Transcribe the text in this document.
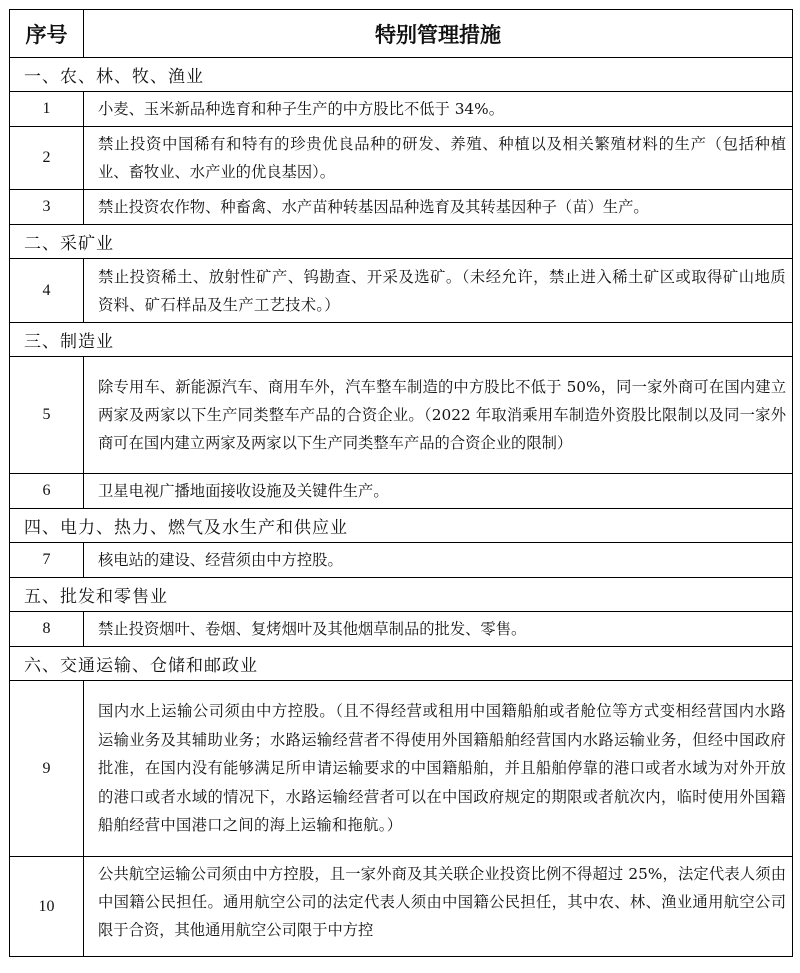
序号	特别管理措施
一、农、林、牧、渔业	
1	小麦、玉米新品种选育和种子生产的中方股比不低于 34%。
2	禁止投资中国稀有和特有的珍贵优良品种的研发、养殖、种植以及相关繁殖材料的生产（包括种植业、畜牧业、水产业的优良基因）。
3	禁止投资农作物、种畜禽、水产苗种转基因品种选育及其转基因种子（苗）生产。
二、采矿业	
4	禁止投资稀土、放射性矿产、钨勘查、开采及选矿。（未经允许，禁止进入稀土矿区或取得矿山地质资料、矿石样品及生产工艺技术。）
三、制造业	
5	除专用车、新能源汽车、商用车外，汽车整车制造的中方股比不低于 50%，同一家外商可在国内建立两家及两家以下生产同类整车产品的合资企业。（2022 年取消乘用车制造外资股比限制以及同一家外商可在国内建立两家及两家以下生产同类整车产品的合资企业的限制）
6	卫星电视广播地面接收设施及关键件生产。
四、电力、热力、燃气及水生产和供应业	
7	核电站的建设、经营须由中方控股。
五、批发和零售业	
8	禁止投资烟叶、卷烟、复烤烟叶及其他烟草制品的批发、零售。
六、交通运输、仓储和邮政业	
9	国内水上运输公司须由中方控股。（且不得经营或租用中国籍船舶或者舱位等方式变相经营国内水路运输业务及其辅助业务；水路运输经营者不得使用外国籍船舶经营国内水路运输业务，但经中国政府批准，在国内没有能够满足所申请运输要求的中国籍船舶，并且船舶停靠的港口或者水域为对外开放的港口或者水域的情况下，水路运输经营者可以在中国政府规定的期限或者航次内，临时使用外国籍船舶经营中国港口之间的海上运输和拖航。）
10	公共航空运输公司须由中方控股，且一家外商及其关联企业投资比例不得超过 25%，法定代表人须由中国籍公民担任。通用航空公司的法定代表人须由中国籍公民担任，其中农、林、渔业通用航空公司限于合资，其他通用航空公司限于中方控
